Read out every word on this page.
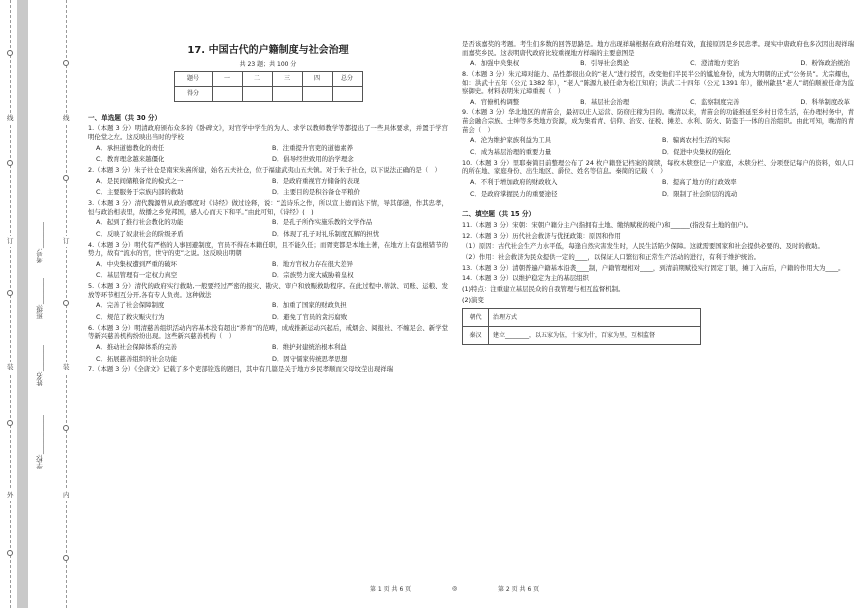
线
订
装
外
线
订
装
内
考号:________
班级:________
姓名:________
学校:____________
17. 中国古代的户籍制度与社会治理
共 23 题；共 100 分
题号	一	二	三	四	总分
得分					
一、单选题（共 30 分）
1.（本题 3 分）明清政府颁布众多的《卧碑文》，对官学中学生的为人、求学以教师教学等都提出了一些具体要求，并置于学宫明伦堂之左。这反映出当时的学校
A．承担道德教化的责任	B．注重提升官吏的道德素养
C．教育理念越来越僵化	D．倡导经世致用的治学理念
2.（本题 3 分）朱子社仓是南宋朱熹所建，始名五夫社仓，位于福建武夷山五夫镇。对于朱子社仓，以下说法正确的是（　）
A．是民间储粮备荒的模式之一	B．是政府重视官方储备的表现
C．主要服务于宗族内部的救助	D．主要目的是积谷备仓平粮价
3.（本题 3 分）清代魏源曾从政治哪度对《诗经》做过诠释，说：“盖诗乐之作，所以宣上德而达下情，导其郁懑，作其忠孝，恒与政治相表里，故播之乡党邦国，感人心而天下和平。”由此可知，《诗经》(　)
A．起到了推行社会教化的功能	B．是孔子所作实施乐教的文学作品
C．反映了奴隶社会的阶级矛盾	D．体现了孔子对礼乐制度瓦解的担忧
4.（本题 3 分）明代有严格的人事回避制度，官员不得在本籍任职，且不能久任；而胥吏都是本地土著，在地方上有盘根错节的势力，故有“流水的官，世守的吏”之说。这反映出明朝
A．中央集权遭到严重的破坏	B．地方官权力存在很大差异
C．基层管理有一定权力真空	D．宗族势力庞大威胁着皇权
5.（本题 3 分）清代的政府实行救助,一般要经过严密的报灾、勘灾、审户和放赈救助程序。在此过程中,蒂款、司账、运粮、发放等环节相互分开,各有专人负责。这种做法
A．完善了社会保障制度	B．加重了国家的财政负担
C．规范了救灾赈灾行为	D．避免了官员的贪污腐败
6.（本题 3 分）明清慈善组织活动内容基本没有超出“养育”的范畴，成成推新运动兴起后，戒烟会、阅报社、不缠足会、新学堂等新兴慈善机构纷纷出现。这些新兴慈善机构（　）
A．推动社会保障体系的完善	B．维护封建统治根本利益
C．拓展慈善组织的社会功能	D．固守儒家传统思孝思想
7.（本题 3 分）《全唐文》记载了多个吏部铨选的题目，其中有几篇是关于地方乡民孝顺而父母坟茔出现祥瑞
是否该嘉奖的考题。考生们多数的回答思路是。地方出现祥瑞根据在政府治理有效，直接原因是乡民忠孝。现实中唐政府也多次因出现祥瑞而嘉奖乡民。这表明唐代政府比较重视地方样瑞的主要意图是
A．加强中央集权	B．引导社会舆论	C．澄清地方吏治	D．粉饰政治统治
8.（本题 3 分）朱元璋对能力、品性都很出众的“老人”进行授官，改变他们半民半公的尴尬身份，成为大明朝的正式“公务员”。尤宗耀也，如：洪武十五年（公元 1382 年），“老人”陈源九被任命为松江知府；洪武二十四年（公元 1391 年），徽州歙县“老人”胡伯顺被任命为监察御史。材料表明朱元璋重视（　）
A．官僚机构调整	B．基层社会治理	C．监察制度完善	D．科举制度改革
9.（本题 3 分）华北地区的青苗会，最初以庄人运营、防窃庄稼为目的。晚清以来，青苗会的功能推延至乡村日常生活，在办理村务中，青苗会融合宗族、士绅等多类地方资源，成为集看青、信仰、治安、征税、摊差、水利、防火、防盗于一体的自治组织。由此可知，晚清的青苗会（　）
A．沦为维护家族利益为工具	B．骗离农村生活的实际
C．成为基层治理的重要力量	D．促进中央集权的强化
10.（本题 3 分）里耶秦简目前整理公布了 24 枚户籍登记档案的简牍，每枚木牍登记一户家庭，木牍分栏、分项登记每户的资料，如人口的所在地、家庭身份、出生地区、爵位、姓名等信息。秦简的记载（　）
A．不利于增加政府的财政收入	B．提高了地方的行政效率
C．是政府掌握民力的重要途径	D．限制了社会阶层的流动
二、填空题（共 15 分）
11.（本题 3 分）宋朝：宋朝户籍分主户(指拥有土地、缴纳赋税的税户)和______(指没有土地的佃户)。
12.（本题 3 分）历代社会救济与优抚政策：原因和作用
（1）原因：古代社会生产力水平低，每逢自然灾害发生时，人民生活陷少保障。这就需要国家和社会提供必要的、及时的救助。
（2）作用：社会救济为民众提供一定的____，以保证人口繁衍和正常生产活动的进行，有利于维护统治。
13.（本题 3 分）清朝普遍户籍基本沿袭____制，户籍管理相对____，到清前期赋役实行固定丁银，摊丁入亩后，户籍的作用大为____。
14.（本题 3 分）以维护稳定为主的基层组织
(1)特点：注重建立基层民众的自我管理与相互监督机制。
(2)演变
朝代	治理方式
秦汉	建立________，以五家为伍，十家为什，百家为里，互相监督
第 1 页 共 6 页	◎	第 2 页 共 6 页
